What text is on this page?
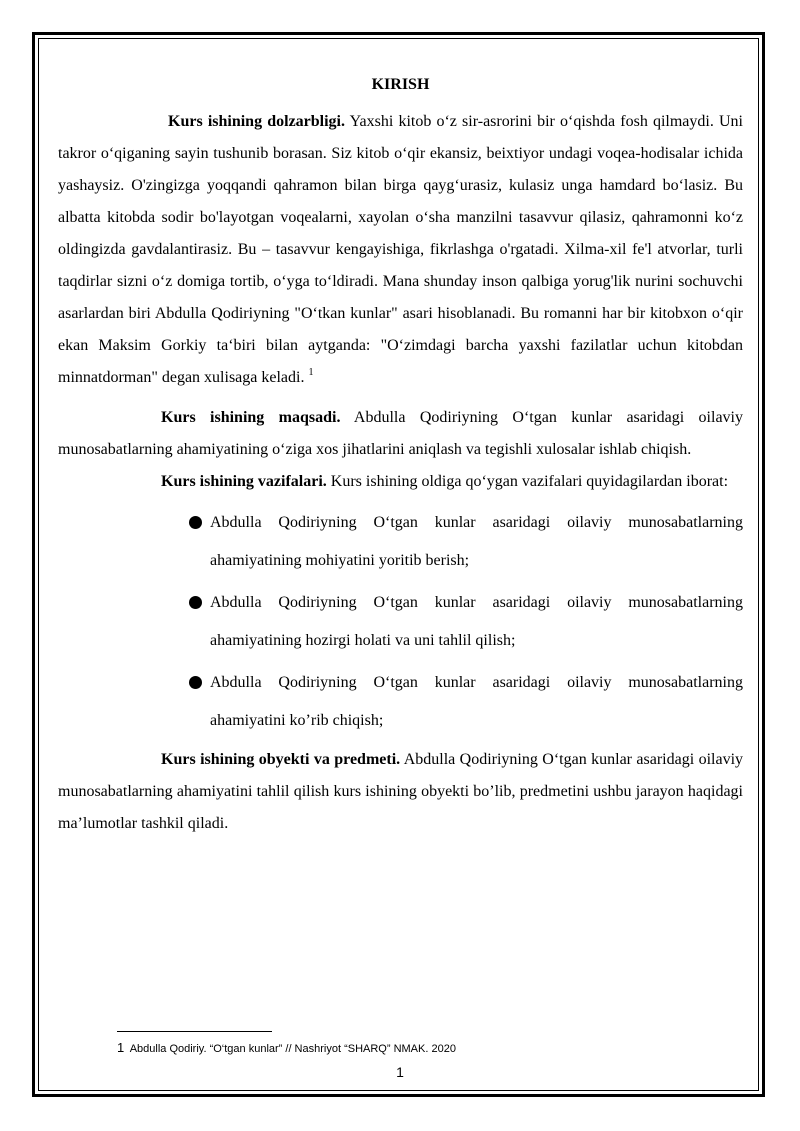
KIRISH

Kurs ishining dolzarbligi. Yaxshi kitob o‘z sir-asrorini bir o‘qishda fosh qilmaydi. Uni takror o‘qiganing sayin tushunib borasan. Siz kitob o‘qir ekansiz, beixtiyor undagi voqea-hodisalar ichida yashaysiz. O'zingizga yoqqandi qahramon bilan birga qayg‘urasiz, kulasiz unga hamdard bo‘lasiz. Bu albatta kitobda sodir bo'layotgan voqealarni, xayolan o‘sha manzilni tasavvur qilasiz, qahramonni ko‘z oldingizda gavdalantirasiz. Bu – tasavvur kengayishiga, fikrlashga o'rgatadi. Xilma-xil fe'l atvorlar, turli taqdirlar sizni o‘z domiga tortib, o‘yga to‘ldiradi. Mana shunday inson qalbiga yorug'lik nurini sochuvchi asarlardan biri Abdulla Qodiriyning "O‘tkan kunlar" asari hisoblanadi. Bu romanni har bir kitobxon o‘qir ekan Maksim Gorkiy ta‘biri bilan aytganda: "O‘zimdagi barcha yaxshi fazilatlar uchun kitobdan minnatdorman" degan xulisaga keladi. $^1$

Kurs ishining maqsadi. Abdulla Qodiriyning O‘tgan kunlar asaridagi oilaviy munosabatlarning ahamiyatining o‘ziga xos jihatlarini aniqlash va tegishli xulosalar ishlab chiqish.

Kurs ishining vazifalari. Kurs ishining oldiga qo‘ygan vazifalari quyidagilardan iborat:

Abdulla Qodiriyning O‘tgan kunlar asaridagi oilaviy munosabatlarning ahamiyatining mohiyatini yoritib berish;
Abdulla Qodiriyning O‘tgan kunlar asaridagi oilaviy munosabatlarning ahamiyatining hozirgi holati va uni tahlil qilish;
Abdulla Qodiriyning O‘tgan kunlar asaridagi oilaviy munosabatlarning ahamiyatini ko’rib chiqish;

Kurs ishining obyekti va predmeti. Abdulla Qodiriyning O‘tgan kunlar asaridagi oilaviy munosabatlarning ahamiyatini tahlil qilish kurs ishining obyekti bo’lib, predmetini ushbu jarayon haqidagi ma’lumotlar tashkil qiladi.

1 Abdulla Qodiriy. “O‘tgan kunlar” // Nashriyot “SHARQ” NMAK. 2020
1
